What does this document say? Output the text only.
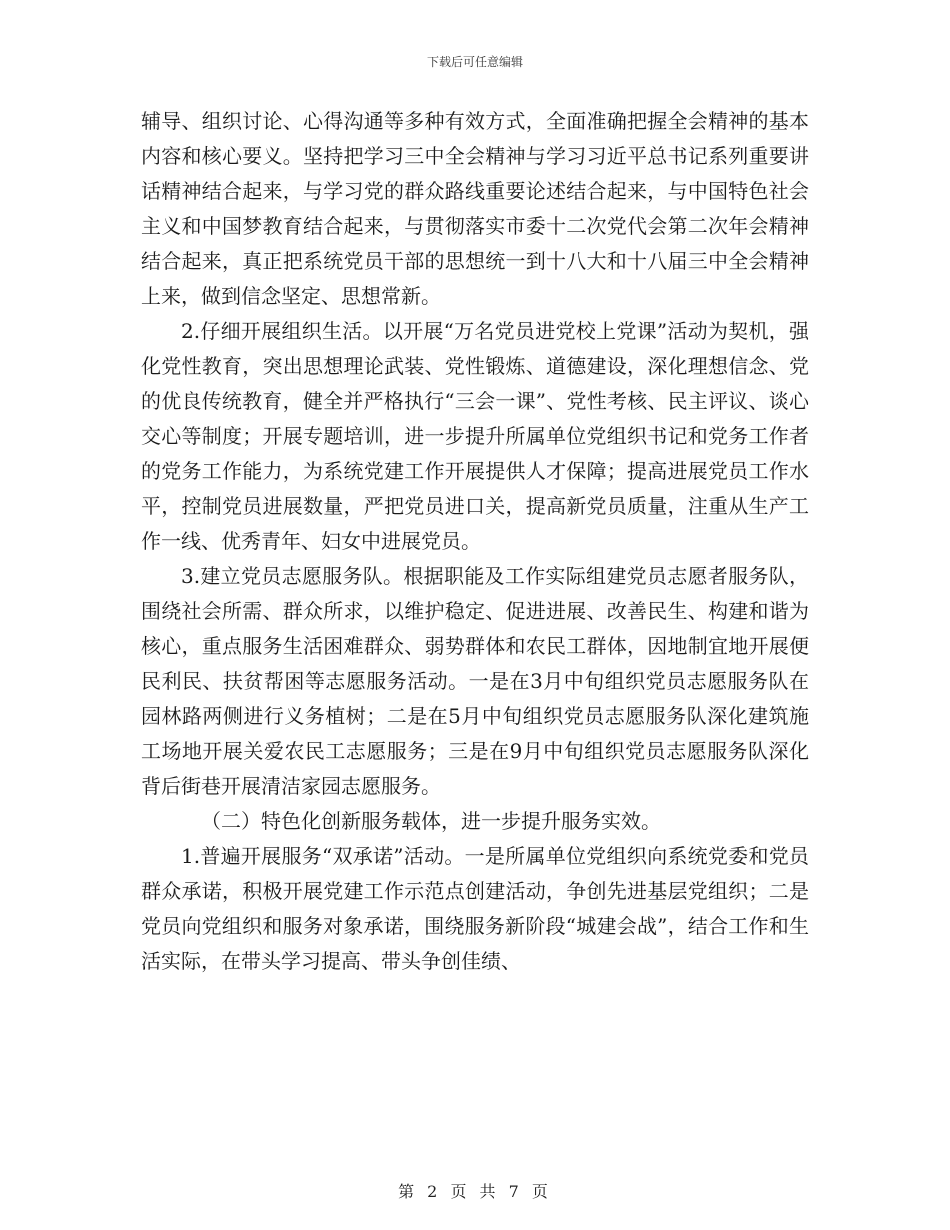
下载后可任意编辑

辅导、组织讨论、心得沟通等多种有效方式，全面准确把握全会精神的基本内容和核心要义。坚持把学习三中全会精神与学习习近平总书记系列重要讲话精神结合起来，与学习党的群众路线重要论述结合起来，与中国特色社会主义和中国梦教育结合起来，与贯彻落实市委十二次党代会第二次年会精神结合起来，真正把系统党员干部的思想统一到十八大和十八届三中全会精神上来，做到信念坚定、思想常新。

2.仔细开展组织生活。以开展“万名党员进党校上党课”活动为契机，强化党性教育，突出思想理论武装、党性锻炼、道德建设，深化理想信念、党的优良传统教育，健全并严格执行“三会一课”、党性考核、民主评议、谈心交心等制度；开展专题培训，进一步提升所属单位党组织书记和党务工作者的党务工作能力，为系统党建工作开展提供人才保障；提高进展党员工作水平，控制党员进展数量，严把党员进口关，提高新党员质量，注重从生产工作一线、优秀青年、妇女中进展党员。

3.建立党员志愿服务队。根据职能及工作实际组建党员志愿者服务队，围绕社会所需、群众所求，以维护稳定、促进进展、改善民生、构建和谐为核心，重点服务生活困难群众、弱势群体和农民工群体，因地制宜地开展便民利民、扶贫帮困等志愿服务活动。一是在3月中旬组织党员志愿服务队在园林路两侧进行义务植树；二是在5月中旬组织党员志愿服务队深化建筑施工场地开展关爱农民工志愿服务；三是在9月中旬组织党员志愿服务队深化背后街巷开展清洁家园志愿服务。

（二）特色化创新服务载体，进一步提升服务实效。

1.普遍开展服务“双承诺”活动。一是所属单位党组织向系统党委和党员群众承诺，积极开展党建工作示范点创建活动，争创先进基层党组织；二是党员向党组织和服务对象承诺，围绕服务新阶段“城建会战”，结合工作和生活实际，在带头学习提高、带头争创佳绩、

第 2 页 共 7 页
